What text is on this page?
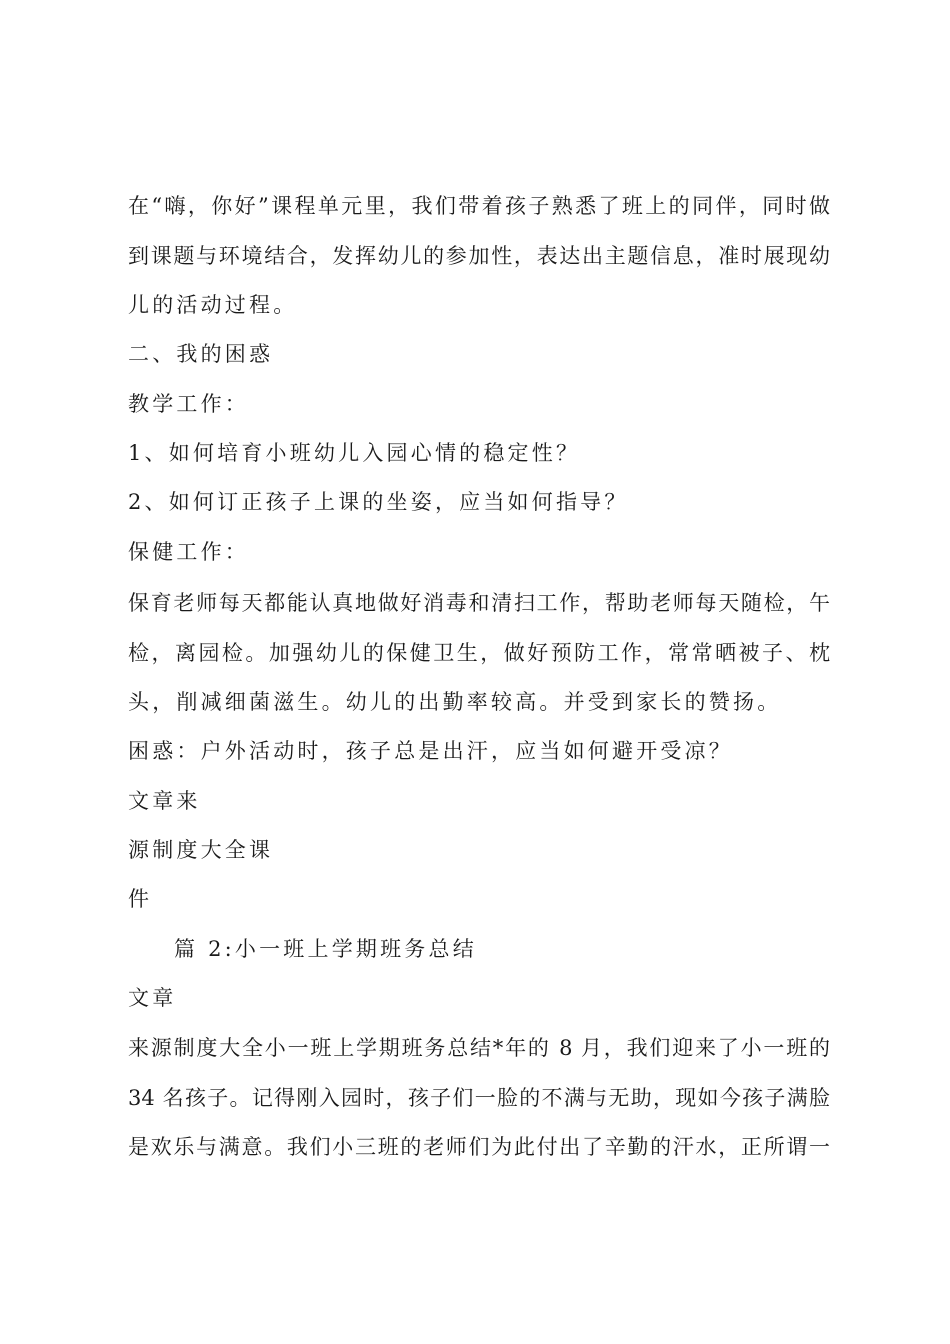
在“嗨，你好”课程单元里，我们带着孩子熟悉了班上的同伴，同时做
到课题与环境结合，发挥幼儿的参加性，表达出主题信息，准时展现幼
儿的活动过程。
二、我的困惑
教学工作：
1、如何培育小班幼儿入园心情的稳定性？
2、如何订正孩子上课的坐姿，应当如何指导？
保健工作：
保育老师每天都能认真地做好消毒和清扫工作，帮助老师每天随检，午
检，离园检。加强幼儿的保健卫生，做好预防工作，常常晒被子、枕
头，削减细菌滋生。幼儿的出勤率较高。并受到家长的赞扬。
困惑：户外活动时，孩子总是出汗，应当如何避开受凉？
文章来
源制度大全课
件
篇 2:小一班上学期班务总结
文章
来源制度大全小一班上学期班务总结*年的 8 月，我们迎来了小一班的
34 名孩子。记得刚入园时，孩子们一脸的不满与无助，现如今孩子满脸
是欢乐与满意。我们小三班的老师们为此付出了辛勤的汗水，正所谓一
